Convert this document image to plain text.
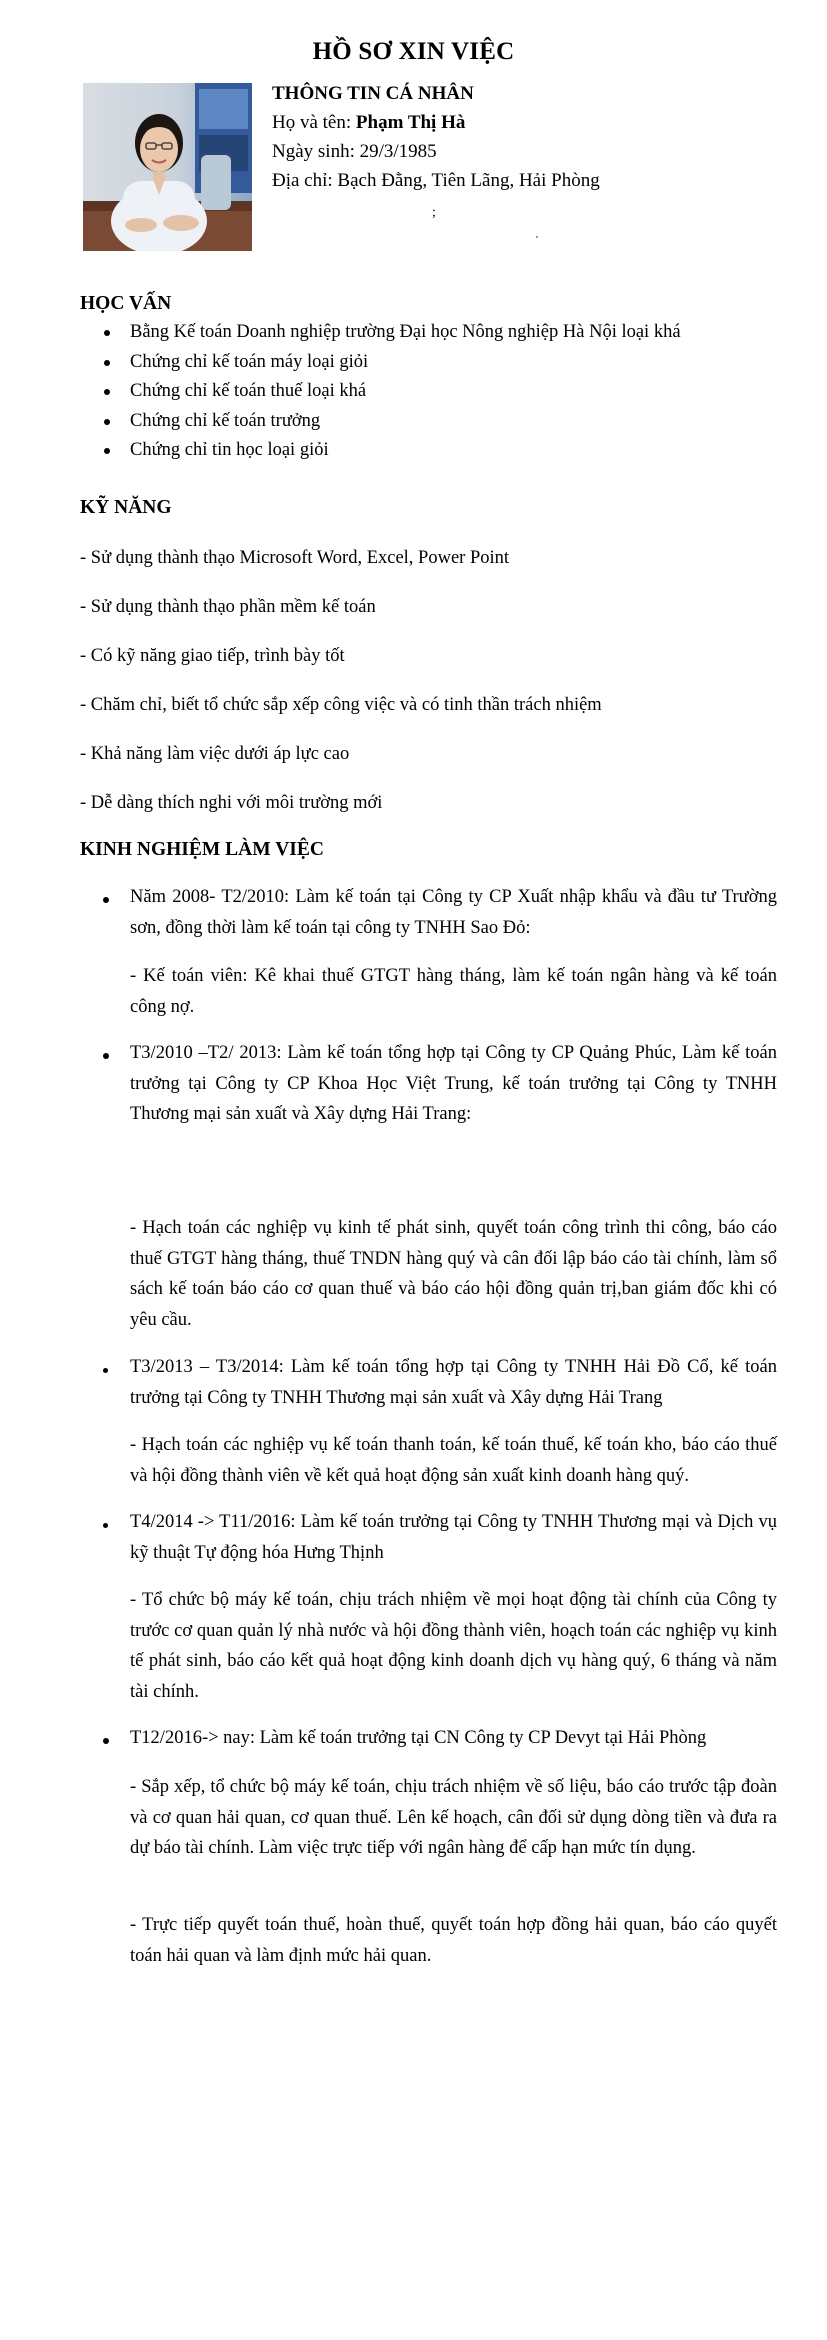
HỒ SƠ XIN VIỆC
THÔNG TIN CÁ NHÂN
Họ và tên: Phạm Thị Hà
Ngày sinh: 29/3/1985
Địa chỉ: Bạch Đằng, Tiên Lãng, Hải Phòng
;
HỌC VẤN
Bằng Kế toán Doanh nghiệp trường Đại học Nông nghiệp Hà Nội loại khá
Chứng chỉ kế toán máy loại giỏi
Chứng chỉ kế toán thuế loại khá
Chứng chỉ kế toán trưởng
Chứng chỉ tin học loại giỏi
KỸ NĂNG
- Sử dụng thành thạo Microsoft Word, Excel, Power Point
- Sử dụng thành thạo phần mềm kế toán
- Có kỹ năng giao tiếp, trình bày tốt
- Chăm chỉ, biết tổ chức sắp xếp công việc và có tinh thần trách nhiệm
- Khả năng làm việc dưới áp lực cao
- Dễ dàng thích nghi với môi trường mới
KINH NGHIỆM LÀM VIỆC
Năm 2008- T2/2010: Làm kế toán tại Công ty CP Xuất nhập khẩu và đầu tư Trường sơn, đồng thời làm kế toán tại công ty TNHH Sao Đỏ:
- Kế toán viên: Kê khai thuế GTGT hàng tháng, làm kế toán ngân hàng và kế toán công nợ.
T3/2010 –T2/ 2013: Làm kế toán tổng hợp tại Công ty CP Quảng Phúc, Làm kế toán trưởng tại Công ty CP Khoa Học Việt Trung, kế toán trưởng tại Công ty TNHH Thương mại sản xuất và Xây dựng Hải Trang:
- Hạch toán các nghiệp vụ kinh tế phát sinh, quyết toán công trình thi công, báo cáo thuế GTGT hàng tháng, thuế TNDN hàng quý và cân đối lập báo cáo tài chính, làm sổ sách kế toán báo cáo cơ quan thuế và báo cáo hội đồng quản trị,ban giám đốc khi có yêu cầu.
T3/2013 – T3/2014: Làm kế toán tổng hợp tại Công ty TNHH Hải Đồ Cổ, kế toán trưởng tại Công ty TNHH Thương mại sản xuất và Xây dựng Hải Trang
- Hạch toán các nghiệp vụ kế toán thanh toán, kế toán thuế, kế toán kho, báo cáo thuế và hội đồng thành viên về kết quả hoạt động sản xuất kinh doanh hàng quý.
T4/2014 -> T11/2016: Làm kế toán trưởng tại Công ty TNHH Thương mại và Dịch vụ kỹ thuật Tự động hóa Hưng Thịnh
- Tổ chức bộ máy kế toán, chịu trách nhiệm về mọi hoạt động tài chính của Công ty trước cơ quan quản lý nhà nước và hội đồng thành viên, hoạch toán các nghiệp vụ kinh tế phát sinh, báo cáo kết quả hoạt động kinh doanh dịch vụ hàng quý, 6 tháng và năm tài chính.
T12/2016-> nay: Làm kế toán trưởng tại CN Công ty CP Devyt tại Hải Phòng
- Sắp xếp, tổ chức bộ máy kế toán, chịu trách nhiệm về số liệu, báo cáo trước tập đoàn và cơ quan hải quan, cơ quan thuế. Lên kế hoạch, cân đối sử dụng dòng tiền và đưa ra dự báo tài chính. Làm việc trực tiếp với ngân hàng để cấp hạn mức tín dụng.
- Trực tiếp quyết toán thuế, hoàn thuế, quyết toán hợp đồng hải quan, báo cáo quyết toán hải quan và làm định mức hải quan.
